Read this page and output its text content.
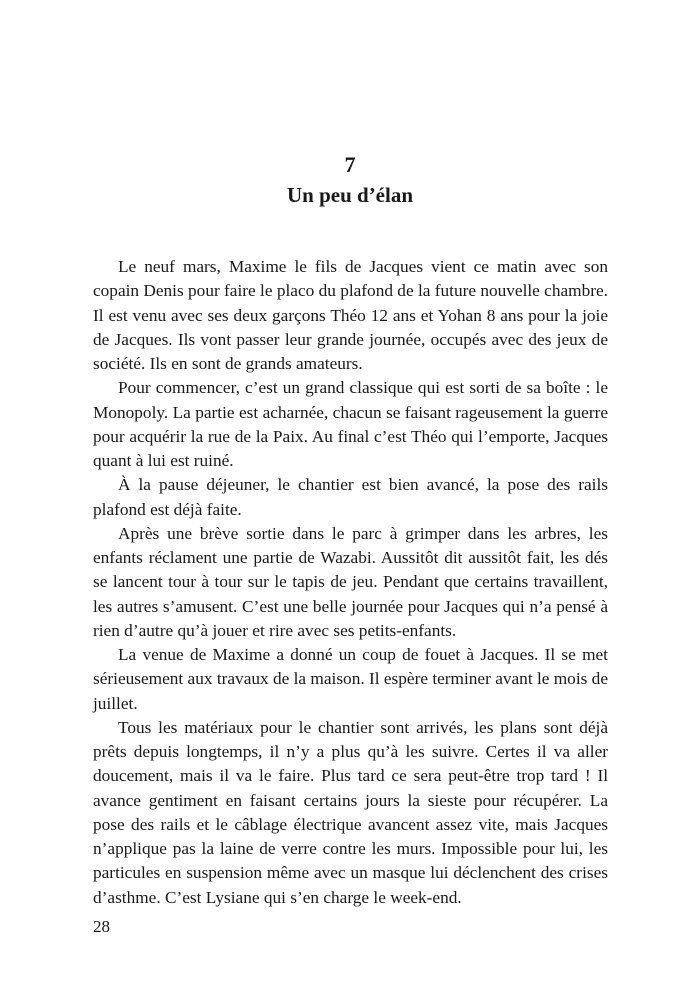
7
Un peu d’élan

Le neuf mars, Maxime le fils de Jacques vient ce matin avec son copain Denis pour faire le placo du plafond de la future nouvelle chambre. Il est venu avec ses deux garçons Théo 12 ans et Yohan 8 ans pour la joie de Jacques. Ils vont passer leur grande journée, occupés avec des jeux de société. Ils en sont de grands amateurs.

Pour commencer, c’est un grand classique qui est sorti de sa boîte : le Monopoly. La partie est acharnée, chacun se faisant rageusement la guerre pour acquérir la rue de la Paix. Au final c’est Théo qui l’emporte, Jacques quant à lui est ruiné.

À la pause déjeuner, le chantier est bien avancé, la pose des rails plafond est déjà faite.

Après une brève sortie dans le parc à grimper dans les arbres, les enfants réclament une partie de Wazabi. Aussitôt dit aussitôt fait, les dés se lancent tour à tour sur le tapis de jeu. Pendant que certains travaillent, les autres s’amusent. C’est une belle journée pour Jacques qui n’a pensé à rien d’autre qu’à jouer et rire avec ses petits-enfants.

La venue de Maxime a donné un coup de fouet à Jacques. Il se met sérieusement aux travaux de la maison. Il espère terminer avant le mois de juillet.

Tous les matériaux pour le chantier sont arrivés, les plans sont déjà prêts depuis longtemps, il n’y a plus qu’à les suivre. Certes il va aller doucement, mais il va le faire. Plus tard ce sera peut-être trop tard ! Il avance gentiment en faisant certains jours la sieste pour récupérer. La pose des rails et le câblage électrique avancent assez vite, mais Jacques n’applique pas la laine de verre contre les murs. Impossible pour lui, les particules en suspension même avec un masque lui déclenchent des crises d’asthme. C’est Lysiane qui s’en charge le week-end.

28
